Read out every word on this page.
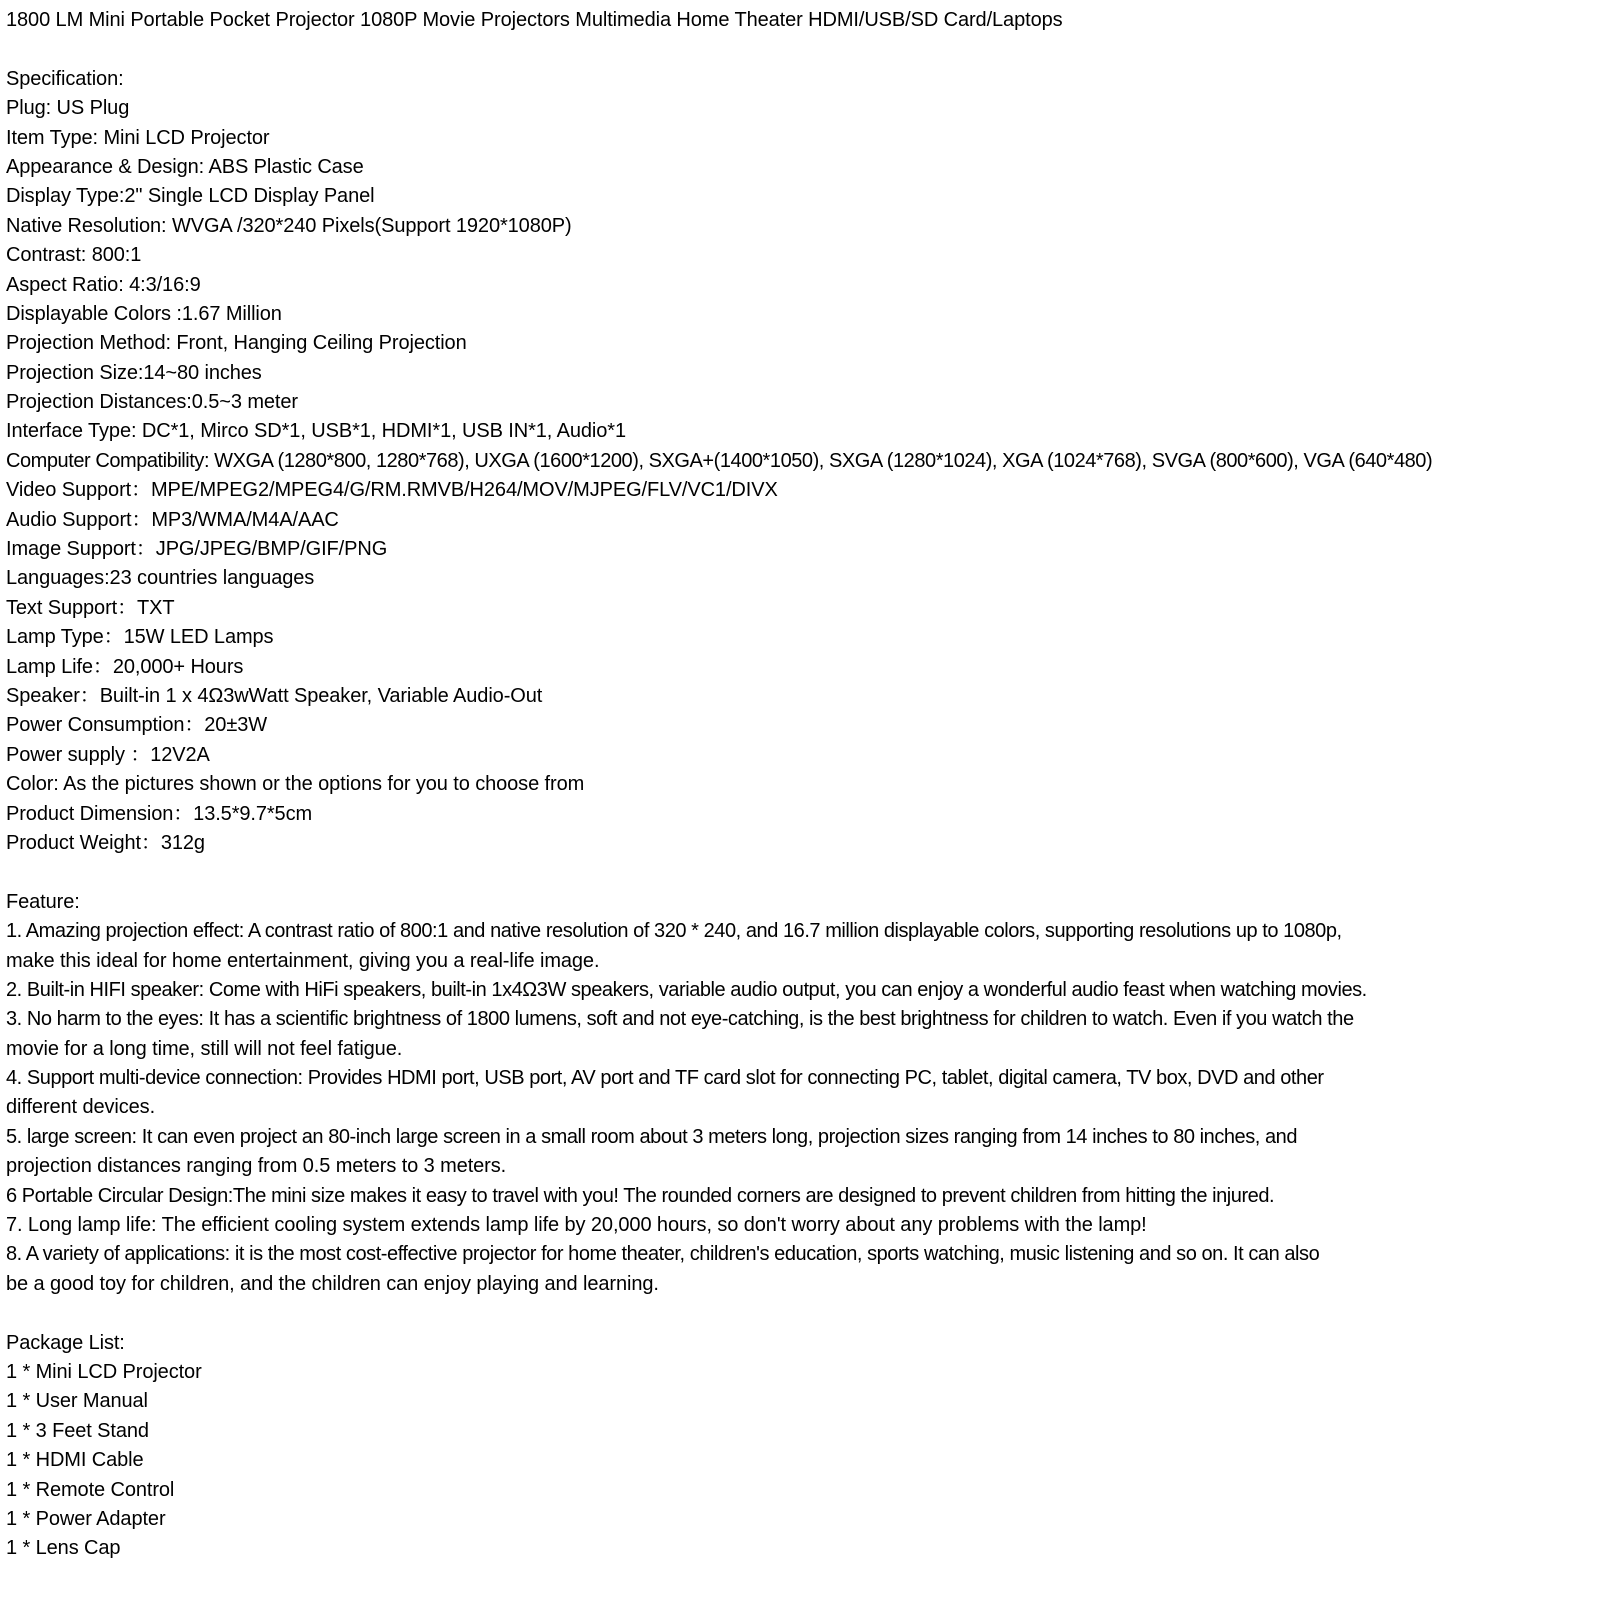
1800 LM Mini Portable Pocket Projector 1080P Movie Projectors Multimedia Home Theater HDMI/USB/SD Card/Laptops
Specification:
Plug: US Plug
Item Type: Mini LCD Projector
Appearance & Design: ABS Plastic Case
Display Type:2" Single LCD Display Panel
Native Resolution: WVGA /320*240 Pixels(Support 1920*1080P)
Contrast: 800:1
Aspect Ratio: 4:3/16:9
Displayable Colors :1.67 Million
Projection Method: Front, Hanging Ceiling Projection
Projection Size:14~80 inches
Projection Distances:0.5~3 meter
Interface Type: DC*1, Mirco SD*1, USB*1, HDMI*1, USB IN*1, Audio*1
Computer Compatibility: WXGA (1280*800, 1280*768), UXGA (1600*1200), SXGA+(1400*1050), SXGA (1280*1024), XGA (1024*768), SVGA (800*600), VGA (640*480)
Video Support：MPE/MPEG2/MPEG4/G/RM.RMVB/H264/MOV/MJPEG/FLV/VC1/DIVX
Audio Support：MP3/WMA/M4A/AAC
Image Support：JPG/JPEG/BMP/GIF/PNG
Languages:23 countries languages
Text Support：TXT
Lamp Type：15W LED Lamps
Lamp Life：20,000+ Hours
Speaker：Built-in 1 x 4Ω3wWatt Speaker, Variable Audio-Out
Power Consumption：20±3W
Power supply ：12V2A
Color: As the pictures shown or the options for you to choose from
Product Dimension：13.5*9.7*5cm
Product Weight：312g
Feature:
1. Amazing projection effect: A contrast ratio of 800:1 and native resolution of 320 * 240, and 16.7 million displayable colors, supporting resolutions up to 1080p,
make this ideal for home entertainment, giving you a real-life image.
2. Built-in HIFI speaker: Come with HiFi speakers, built-in 1x4Ω3W speakers, variable audio output, you can enjoy a wonderful audio feast when watching movies.
3. No harm to the eyes: It has a scientific brightness of 1800 lumens, soft and not eye-catching, is the best brightness for children to watch. Even if you watch the
movie for a long time, still will not feel fatigue.
4. Support multi-device connection: Provides HDMI port, USB port, AV port and TF card slot for connecting PC, tablet, digital camera, TV box, DVD and other
different devices.
5. large screen: It can even project an 80-inch large screen in a small room about 3 meters long, projection sizes ranging from 14 inches to 80 inches, and
projection distances ranging from 0.5 meters to 3 meters.
6 Portable Circular Design:The mini size makes it easy to travel with you! The rounded corners are designed to prevent children from hitting the injured.
7. Long lamp life: The efficient cooling system extends lamp life by 20,000 hours, so don't worry about any problems with the lamp!
8. A variety of applications: it is the most cost-effective projector for home theater, children's education, sports watching, music listening and so on. It can also
be a good toy for children, and the children can enjoy playing and learning.
Package List:
1 * Mini LCD Projector
1 * User Manual
1 * 3 Feet Stand
1 * HDMI Cable
1 * Remote Control
1 * Power Adapter
1 * Lens Cap
